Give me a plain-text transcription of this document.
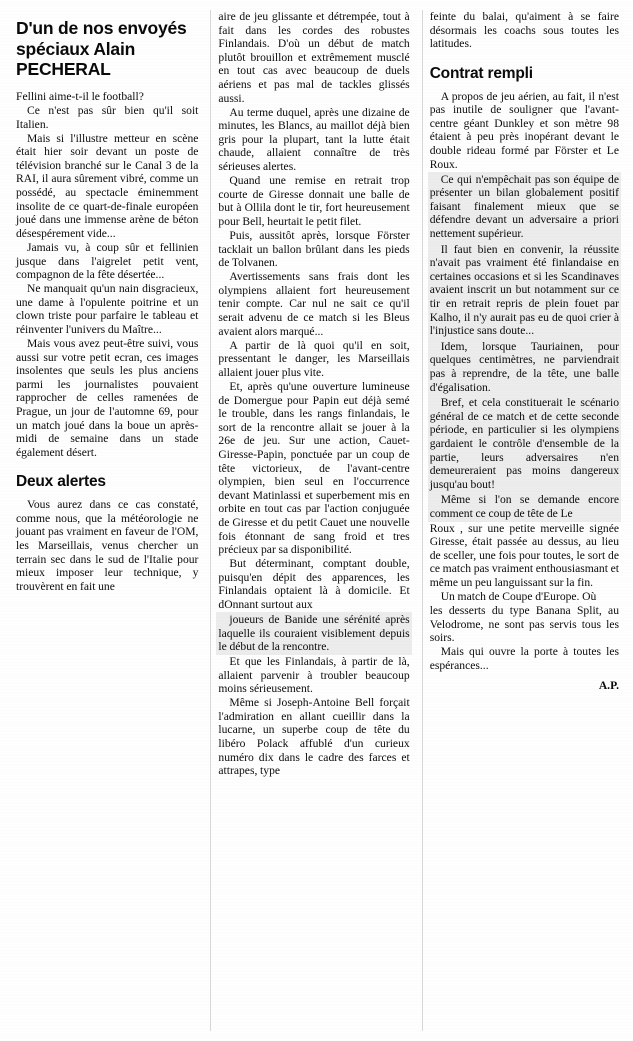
D'un de nos envoyés spéciaux Alain PECHERAL

Fellini aime-t-il le football?

Ce n'est pas sûr bien qu'il soit Italien.

Mais si l'illustre metteur en scène était hier soir devant un poste de télévision branché sur le Canal 3 de la RAI, il aura sûrement vibré, comme un possédé, au spectacle éminemment insolite de ce quart-de-finale européen joué dans une immense arène de béton désespérement vide...

Jamais vu, à coup sûr et fellinien jusque dans l'aigrelet petit vent, compagnon de la fête désertée...

Ne manquait qu'un nain disgracieux, une dame à l'opulente poitrine et un clown triste pour parfaire le tableau et réinventer l'univers du Maître...

Mais vous avez peut-être suivi, vous aussi sur votre petit ecran, ces images insolentes que seuls les plus anciens parmi les journalistes pouvaient rapprocher de celles ramenées de Prague, un jour de l'automne 69, pour un match joué dans la boue un après-midi de semaine dans un stade également désert.

Deux alertes

Vous aurez dans ce cas constaté, comme nous, que la météorologie ne jouant pas vraiment en faveur de l'OM, les Marseillais, venus chercher un terrain sec dans le sud de l'Italie pour mieux imposer leur technique, y trouvèrent en fait une

aire de jeu glissante et détrempée, tout à fait dans les cordes des robustes Finlandais. D'où un début de match plutôt brouillon et extrêmement musclé en tout cas avec beaucoup de duels aériens et pas mal de tackles glissés aussi.

Au terme duquel, après une dizaine de minutes, les Blancs, au maillot déjà bien gris pour la plupart, tant la lutte était chaude, allaient connaître de très sérieuses alertes.

Quand une remise en retrait trop courte de Giresse donnait une balle de but à Ollila dont le tir, fort heureusement pour Bell, heurtait le petit filet.

Puis, aussitôt après, lorsque Förster tacklait un ballon brûlant dans les pieds de Tolvanen.

Avertissements sans frais dont les olympiens allaient fort heureusement tenir compte. Car nul ne sait ce qu'il serait advenu de ce match si les Bleus avaient alors marqué...

A partir de là quoi qu'il en soit, pressentant le danger, les Marseillais allaient jouer plus vite.

Et, après qu'une ouverture lumineuse de Domergue pour Papin eut déjà semé le trouble, dans les rangs finlandais, le sort de la rencontre allait se jouer à la 26e de jeu. Sur une action, Cauet- Giresse-Papin, ponctuée par un coup de tête victorieux, de l'avant-centre olympien, bien seul en l'occurrence devant Matinlassi et superbement mis en orbite en tout cas par l'action conjuguée de Giresse et du petit Cauet une nouvelle fois étonnant de sang froid et tres précieux par sa disponibilité.

But déterminant, comptant double, puisqu'en dépit des apparences, les Finlandais optaient là à domicile. Et dOnnant surtout aux

joueurs de Banide une sérénité après laquelle ils couraient visiblement depuis le début de la rencontre.

Et que les Finlandais, à partir de là, allaient parvenir à troubler beaucoup moins sérieusement.

Même si Joseph-Antoine Bell forçait l'admiration en allant cueillir dans la lucarne, un superbe coup de tête du libéro Polack affublé d'un curieux numéro dix dans le cadre des farces et attrapes, type

feinte du balai, qu'aiment à se faire désormais les coachs sous toutes les latitudes.

Contrat rempli

A propos de jeu aérien, au fait, il n'est pas inutile de souligner que l'avant-centre géant Dunkley et son mètre 98 étaient à peu près inopérant devant le double rideau formé par Förster et Le Roux.

Ce qui n'empêchait pas son équipe de présenter un bilan globalement positif faisant finalement mieux que se défendre devant un adversaire a priori nettement supérieur.

Il faut bien en convenir, la réussite n'avait pas vraiment été finlandaise en certaines occasions et si les Scandinaves avaient inscrit un but notamment sur ce tir en retrait repris de plein fouet par Kalho, il n'y aurait pas eu de quoi crier à l'injustice sans doute...

Idem, lorsque Tauriainen, pour quelques centimètres, ne parviendrait pas à reprendre, de la tête, une balle d'égalisation.

Bref, et cela constituerait le scénario général de ce match et de cette seconde période, en particulier si les olympiens gardaient le contrôle d'ensemble de la partie, leurs adversaires n'en demeureraient pas moins dangereux jusqu'au bout!

Même si l'on se demande encore comment ce coup de tête de Le

Roux , sur une petite merveille signée Giresse, était passée au dessus, au lieu de sceller, une fois pour toutes, le sort de ce match pas vraiment enthousiasmant et même un peu languissant sur la fin.

Un match de Coupe d'Europe. Où

les desserts du type Banana Split, au Velodrome, ne sont pas servis tous les soirs.

Mais qui ouvre la porte à toutes les espérances...

A.P.
